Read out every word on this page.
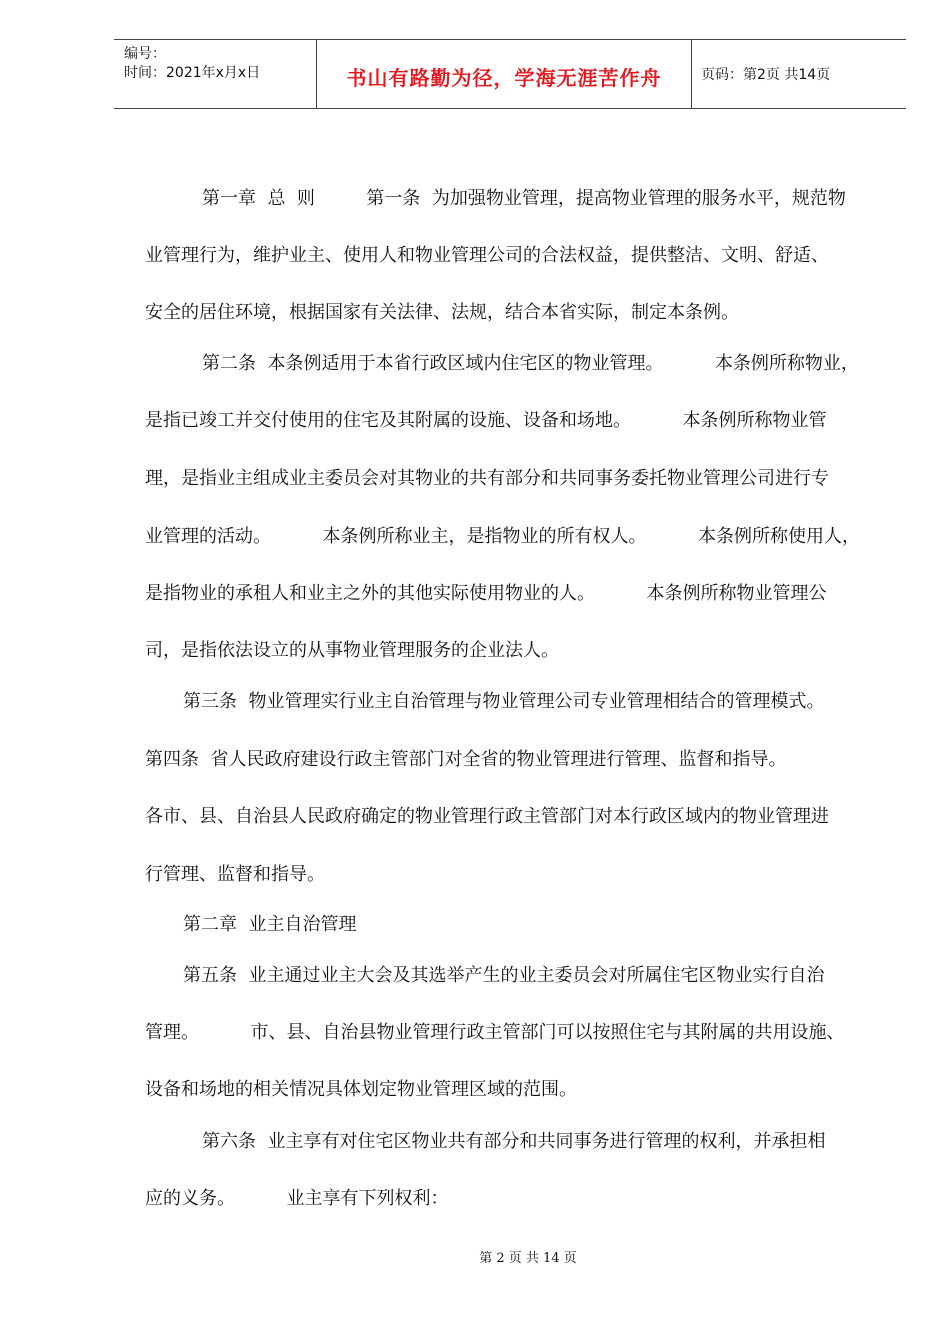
编号：
时间：2021年x月x日	书山有路勤为径，学海无涯苦作舟	页码：第2页 共14页
第一章  总  则         第一条  为加强物业管理，提高物业管理的服务水平，规范物
业管理行为，维护业主、使用人和物业管理公司的合法权益，提供整洁、文明、舒适、
安全的居住环境，根据国家有关法律、法规，结合本省实际，制定本条例。
第二条  本条例适用于本省行政区域内住宅区的物业管理。         本条例所称物业，
是指已竣工并交付使用的住宅及其附属的设施、设备和场地。         本条例所称物业管
理，是指业主组成业主委员会对其物业的共有部分和共同事务委托物业管理公司进行专
业管理的活动。         本条例所称业主，是指物业的所有权人。         本条例所称使用人，
是指物业的承租人和业主之外的其他实际使用物业的人。         本条例所称物业管理公
司，是指依法设立的从事物业管理服务的企业法人。
第三条  物业管理实行业主自治管理与物业管理公司专业管理相结合的管理模式。
第四条  省人民政府建设行政主管部门对全省的物业管理进行管理、监督和指导。
各市、县、自治县人民政府确定的物业管理行政主管部门对本行政区域内的物业管理进
行管理、监督和指导。
第二章  业主自治管理
第五条  业主通过业主大会及其选举产生的业主委员会对所属住宅区物业实行自治
管理。         市、县、自治县物业管理行政主管部门可以按照住宅与其附属的共用设施、
设备和场地的相关情况具体划定物业管理区域的范围。
第六条  业主享有对住宅区物业共有部分和共同事务进行管理的权利，并承担相
应的义务。         业主享有下列权利：
第 2 页 共 14 页
